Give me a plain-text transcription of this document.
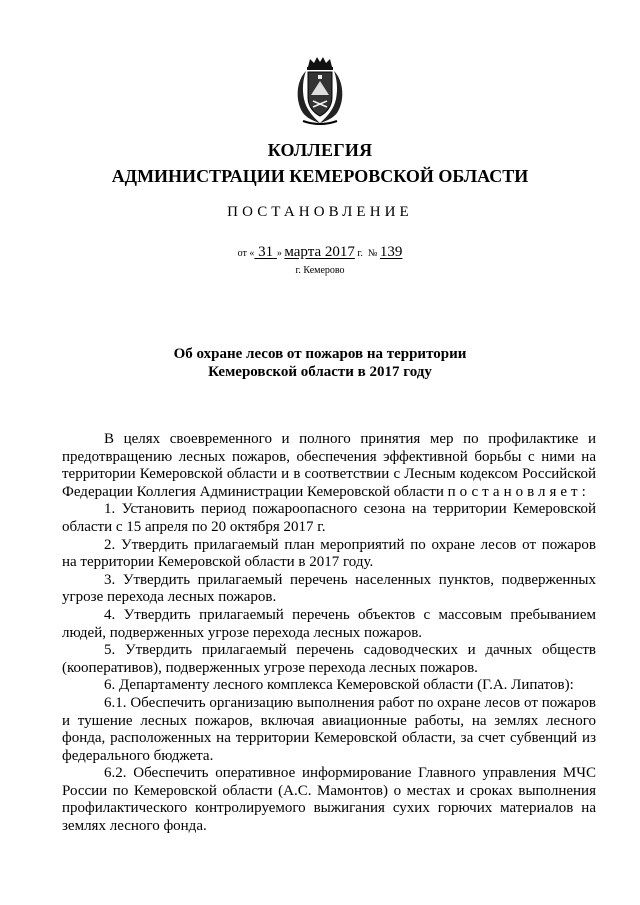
КОЛЛЕГИЯ
АДМИНИСТРАЦИИ КЕМЕРОВСКОЙ ОБЛАСТИ
ПОСТАНОВЛЕНИЕ
от « 31 » марта 2017 г. № 139
г. Кемерово
Об охране лесов от пожаров на территории
Кемеровской области в 2017 году

В целях своевременного и полного принятия мер по профилактике и предотвращению лесных пожаров, обеспечения эффективной борьбы с ними на территории Кемеровской области и в соответствии с Лесным кодексом Российской Федерации Коллегия Администрации Кемеровской области постановляет:

1. Установить период пожароопасного сезона на территории Кемеровской области с 15 апреля по 20 октября 2017 г.

2. Утвердить прилагаемый план мероприятий по охране лесов от пожаров на территории Кемеровской области в 2017 году.

3. Утвердить прилагаемый перечень населенных пунктов, подверженных угрозе перехода лесных пожаров.

4. Утвердить прилагаемый перечень объектов с массовым пребыванием людей, подверженных угрозе перехода лесных пожаров.

5. Утвердить прилагаемый перечень садоводческих и дачных обществ (кооперативов), подверженных угрозе перехода лесных пожаров.

6. Департаменту лесного комплекса Кемеровской области (Г.А. Липатов):

6.1. Обеспечить организацию выполнения работ по охране лесов от пожаров и тушение лесных пожаров, включая авиационные работы, на землях лесного фонда, расположенных на территории Кемеровской области, за счет субвенций из федерального бюджета.

6.2. Обеспечить оперативное информирование Главного управления МЧС России по Кемеровской области (А.С. Мамонтов) о местах и сроках выполнения профилактического контролируемого выжигания сухих горючих материалов на землях лесного фонда.
